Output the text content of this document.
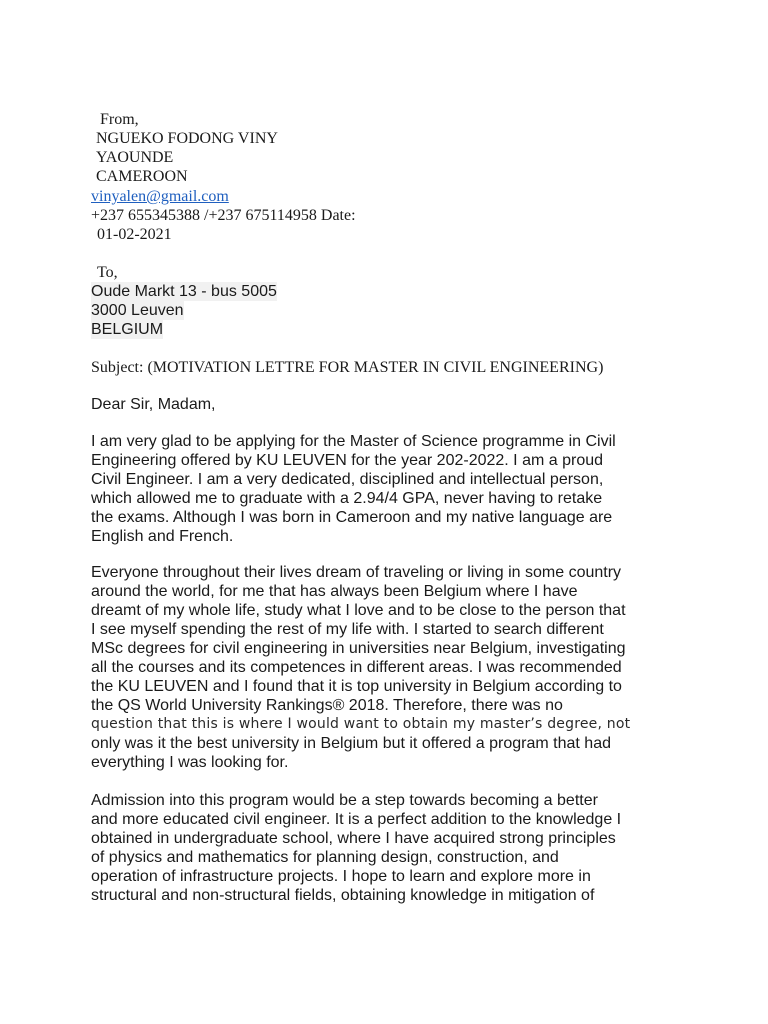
From,
NGUEKO FODONG VINY
YAOUNDE
CAMEROON
vinyalen@gmail.com
+237 655345388 /+237 675114958 Date:
01-02-2021
To,
Oude Markt 13 - bus 5005
3000 Leuven
BELGIUM
Subject: (MOTIVATION LETTRE FOR MASTER IN CIVIL ENGINEERING)
Dear Sir, Madam,
I am very glad to be applying for the Master of Science programme in Civil
Engineering offered by KU LEUVEN for the year 202-2022. I am a proud
Civil Engineer. I am a very dedicated, disciplined and intellectual person,
which allowed me to graduate with a 2.94/4 GPA, never having to retake
the exams. Although I was born in Cameroon and my native language are
English and French.
Everyone throughout their lives dream of traveling or living in some country
around the world, for me that has always been Belgium where I have
dreamt of my whole life, study what I love and to be close to the person that
I see myself spending the rest of my life with. I started to search different
MSc degrees for civil engineering in universities near Belgium, investigating
all the courses and its competences in different areas. I was recommended
the KU LEUVEN and I found that it is top university in Belgium according to
the QS World University Rankings® 2018. Therefore, there was no
question that this is where I would want to obtain my master’s degree, not
only was it the best university in Belgium but it offered a program that had
everything I was looking for.
Admission into this program would be a step towards becoming a better
and more educated civil engineer. It is a perfect addition to the knowledge I
obtained in undergraduate school, where I have acquired strong principles
of physics and mathematics for planning design, construction, and
operation of infrastructure projects. I hope to learn and explore more in
structural and non-structural fields, obtaining knowledge in mitigation of
